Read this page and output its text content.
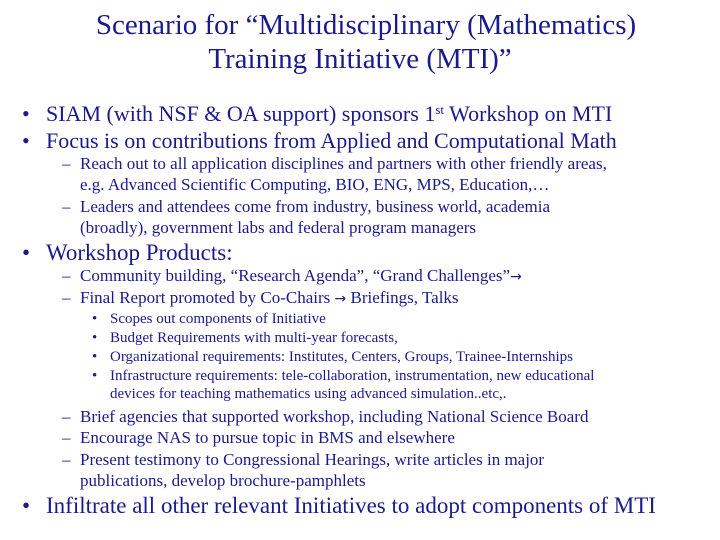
Scenario for “Multidisciplinary (Mathematics)
Training Initiative (MTI)”
• SIAM (with NSF & OA support) sponsors 1st Workshop on MTI
• Focus is on contributions from Applied and Computational Math
– Reach out to all application disciplines and partners with other friendly areas,
e.g. Advanced Scientific Computing, BIO, ENG, MPS, Education,…
– Leaders and attendees come from industry, business world, academia
(broadly), government labs and federal program managers
• Workshop Products:
– Community building, “Research Agenda”, “Grand Challenges”→
– Final Report promoted by Co-Chairs → Briefings, Talks
• Scopes out components of Initiative
• Budget Requirements with multi-year forecasts,
• Organizational requirements: Institutes, Centers, Groups, Trainee-Internships
• Infrastructure requirements: tele-collaboration, instrumentation, new educational
devices for teaching mathematics using advanced simulation..etc,.
– Brief agencies that supported workshop, including National Science Board
– Encourage NAS to pursue topic in BMS and elsewhere
– Present testimony to Congressional Hearings, write articles in major
publications, develop brochure-pamphlets
• Infiltrate all other relevant Initiatives to adopt components of MTI
